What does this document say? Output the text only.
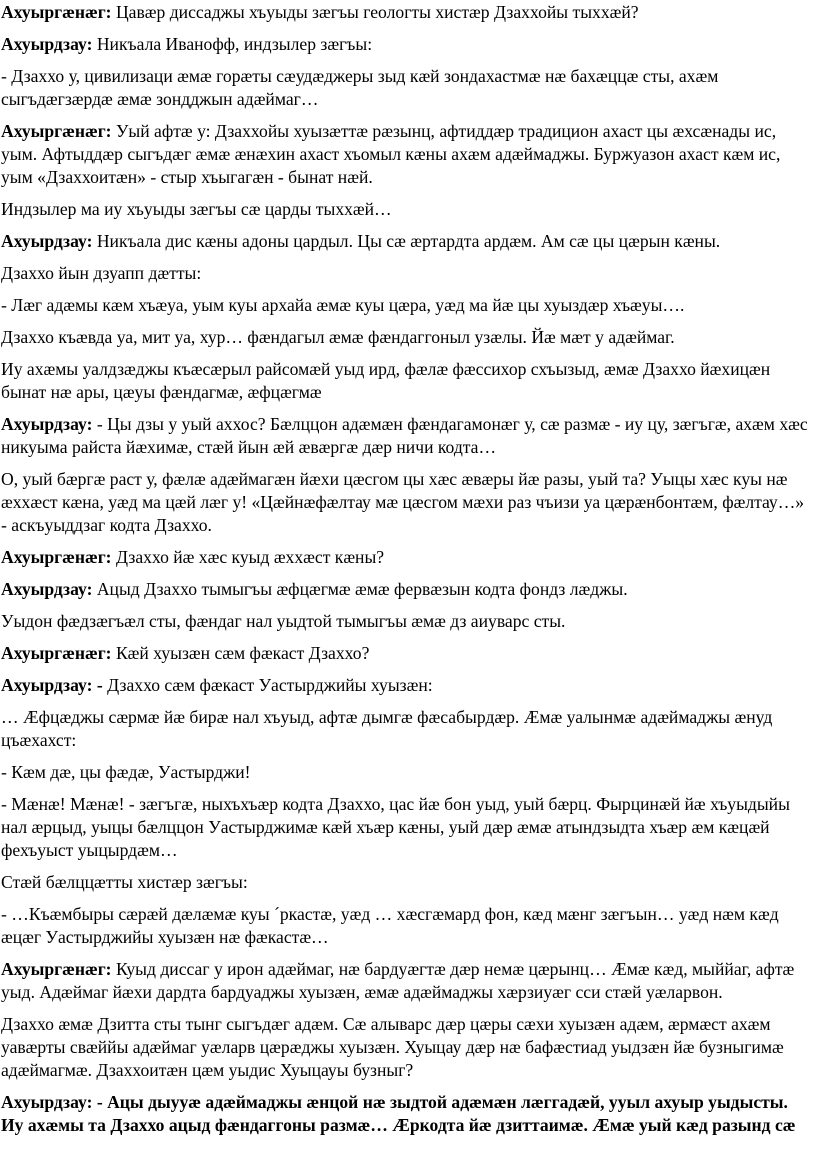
Ахуыргæнæг: Цавæр диссаджы хъуыды зæгъы геологты хистæр Дзаххойы тыххæй?
Ахуырдзау: Никъала Иванофф, индзылер зæгъы:
- Дзаххо у, цивилизаци æмæ горæты сæудæджеры зыд кæй зондахастмæ нæ бахæццæ сты, ахæм сыгъдæгзæрдæ æмæ зондджын адæймаг…
Ахуыргæнæг: Уый афтæ у: Дзаххойы хуызæттæ рæзынц, афтиддæр традицион ахаст цы æхсæнады ис, уым. Афтыддæр сыгъдæг æмæ æнæхин ахаст хъомыл кæны ахæм адæймаджы. Буржуазон ахаст кæм ис, уым «Дзаххоитæн» - стыр хъыгагæн - бынат нæй.
Индзылер ма иу хъуыды зæгъы сæ царды тыххæй…
Ахуырдзау: Никъала дис кæны адоны цардыл. Цы сæ æртардта ардæм. Ам сæ цы цæрын кæны.
Дзаххо йын дзуапп дæтты:
- Лæг адæмы кæм хъæуа, уым куы архайа æмæ куы цæра, уæд ма йæ цы хуыздæр хъæуы….
Дзаххо къæвда уа, мит уа, хур… фæндагыл æмæ фæндаггоныл узæлы. Йæ мæт у адæймаг.
Иу ахæмы уалдзæджы къæсæрыл райсомæй уыд ирд, фæлæ фæссихор схъызыд, æмæ Дзаххо йæхицæн бынат нæ ары, цæуы фæндагмæ, æфцæгмæ
Ахуырдзау: - Цы дзы у уый аххос? Бæлццон адæмæн фæндагамонæг у, сæ размæ - иу цу, зæгъгæ, ахæм хæс никуыма райста йæхимæ, стæй йын æй æвæргæ дæр ничи кодта…
О, уый бæргæ раст у, фæлæ адæймагæн йæхи цæсгом цы хæс æвæры йæ разы, уый та? Уыцы хæс куы нæ æххæст кæна, уæд ма цæй лæг у! «Цæйнæфæлтау мæ цæсгом мæхи раз чъизи уа цæрæнбонтæм, фæлтау…» - аскъуыддзаг кодта Дзаххо.
Ахуыргæнæг: Дзаххо йæ хæс куыд æххæст кæны?
Ахуырдзау: Ацыд Дзаххо тымыгъы æфцæгмæ æмæ фервæзын кодта фондз лæджы.
Уыдон фæдзæгъæл сты, фæндаг нал уыдтой тымыгъы æмæ дз аиуварс сты.
Ахуыргæнæг: Кæй хуызæн сæм фæкаст Дзаххо?
Ахуырдзау: - Дзаххо сæм фæкаст Уастырджийы хуызæн:
… Æфцæджы сæрмæ йæ бирæ нал хъуыд, афтæ дымгæ фæсабырдæр. Æмæ уалынмæ адæймаджы æнуд цъæхахст:
- Кæм дæ, цы фæдæ, Уастырджи!
- Мæнæ! Мæнæ! - зæгъгæ, ныхъхъæр кодта Дзаххо, цас йæ бон уыд, уый бæрц. Фырцинæй йæ хъуыдыйы нал æрцыд, уыцы бæлццон Уастырджимæ кæй хъæр кæны, уый дæр æмæ атындзыдта хъæр æм кæцæй фехъуыст уыцырдæм…
Стæй бæлццæтты хистæр зæгъы:
- …Къæмбыры сæрæй дæлæмæ куы ´ркастæ, уæд … хæсгæмард фон, кæд мæнг зæгъын… уæд нæм кæд æцæг Уастырджийы хуызæн нæ фæкастæ…
Ахуыргæнæг: Куыд диссаг у ирон адæймаг, нæ бардуæгтæ дæр немæ цæрынц… Æмæ кæд, мыййаг, афтæ уыд. Адæймаг йæхи дардта бардуаджы хуызæн, æмæ адæймаджы хæрзиуæг сси стæй уæларвон.
Дзаххо æмæ Дзитта сты тынг сыгъдæг адæм. Сæ алыварс дæр цæры сæхи хуызæн адæм, æрмæст ахæм уавæрты свæййы адæймаг уæларв цæрæджы хуызæн. Хуыцау дæр нæ бафæстиад уыдзæн йæ бузныгимæ адæймагмæ. Дзаххоитæн цæм уыдис Хуыцауы бузныг?
Ахуырдзау: - Ацы дыууæ адæймаджы æнцой нæ зыдтой адæмæн лæггадæй, ууыл ахуыр уыдысты. Иу ахæмы та Дзаххо ацыд фæндаггоны размæ… Æркодта йæ дзиттаимæ. Æмæ уый кæд разынд сæ
